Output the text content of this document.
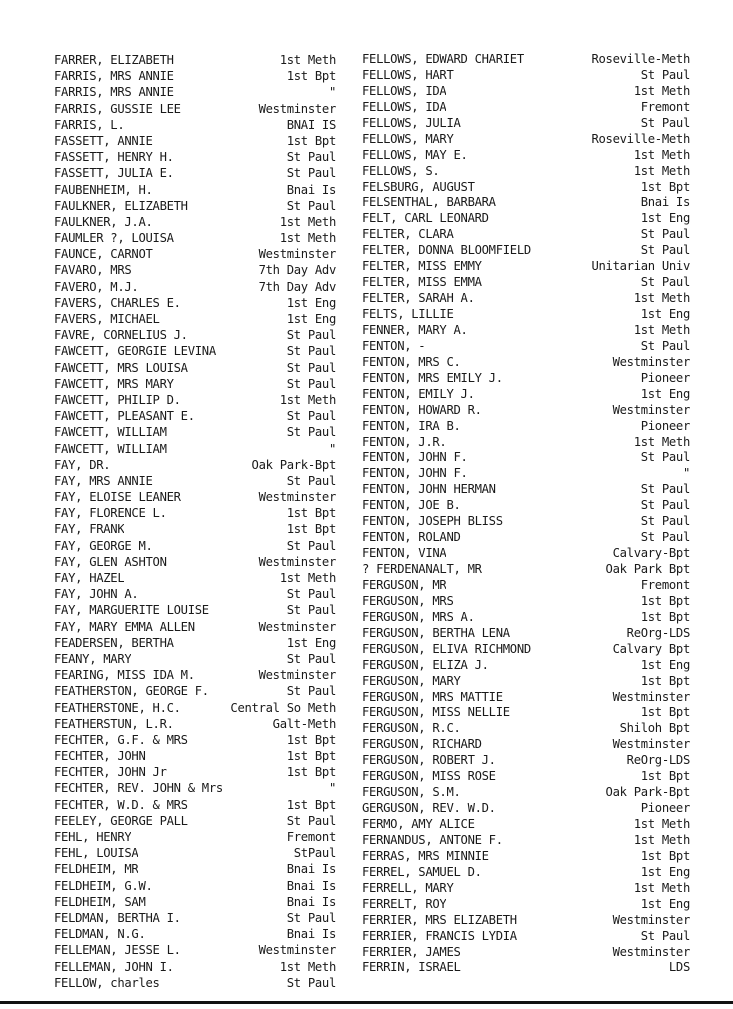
FARRER, ELIZABETH	1st Meth
FARRIS, MRS ANNIE	1st Bpt
FARRIS, MRS ANNIE	"
FARRIS, GUSSIE LEE	Westminster
FARRIS, L.	BNAI IS
FASSETT, ANNIE	1st Bpt
FASSETT, HENRY H.	St Paul
FASSETT, JULIA E.	St Paul
FAUBENHEIM, H.	Bnai Is
FAULKNER, ELIZABETH	St Paul
FAULKNER, J.A.	1st Meth
FAUMLER ?, LOUISA	1st Meth
FAUNCE, CARNOT	Westminster
FAVARO, MRS	7th Day Adv
FAVERO, M.J.	7th Day Adv
FAVERS, CHARLES E.	1st Eng
FAVERS, MICHAEL	1st Eng
FAVRE, CORNELIUS J.	St Paul
FAWCETT, GEORGIE LEVINA	St Paul
FAWCETT, MRS LOUISA	St Paul
FAWCETT, MRS MARY	St Paul
FAWCETT, PHILIP D.	1st Meth
FAWCETT, PLEASANT E.	St Paul
FAWCETT, WILLIAM	St Paul
FAWCETT, WILLIAM	"
FAY, DR.	Oak Park-Bpt
FAY, MRS ANNIE	St Paul
FAY, ELOISE LEANER	Westminster
FAY, FLORENCE L.	1st Bpt
FAY, FRANK	1st Bpt
FAY, GEORGE M.	St Paul
FAY, GLEN ASHTON	Westminster
FAY, HAZEL	1st Meth
FAY, JOHN A.	St Paul
FAY, MARGUERITE LOUISE	St Paul
FAY, MARY EMMA ALLEN	Westminster
FEADERSEN, BERTHA	1st Eng
FEANY, MARY	St Paul
FEARING, MISS IDA M.	Westminster
FEATHERSTON, GEORGE F.	St Paul
FEATHERSTONE, H.C.	Central So Meth
FEATHERSTUN, L.R.	Galt-Meth
FECHTER, G.F. & MRS	1st Bpt
FECHTER, JOHN	1st Bpt
FECHTER, JOHN Jr	1st Bpt
FECHTER, REV. JOHN & Mrs	"
FECHTER, W.D. & MRS	1st Bpt
FEELEY, GEORGE PALL	St Paul
FEHL, HENRY	Fremont
FEHL, LOUISA	StPaul
FELDHEIM, MR	Bnai Is
FELDHEIM, G.W.	Bnai Is
FELDHEIM, SAM	Bnai Is
FELDMAN, BERTHA I.	St Paul
FELDMAN, N.G.	Bnai Is
FELLEMAN, JESSE L.	Westminster
FELLEMAN, JOHN I.	1st Meth
FELLOW, charles	St Paul
FELLOWS, EDWARD CHARIET	Roseville-Meth
FELLOWS, HART	St Paul
FELLOWS, IDA	1st Meth
FELLOWS, IDA	Fremont
FELLOWS, JULIA	St Paul
FELLOWS, MARY	Roseville-Meth
FELLOWS, MAY E.	1st Meth
FELLOWS, S.	1st Meth
FELSBURG, AUGUST	1st Bpt
FELSENTHAL, BARBARA	Bnai Is
FELT, CARL LEONARD	1st Eng
FELTER, CLARA	St Paul
FELTER, DONNA BLOOMFIELD	St Paul
FELTER, MISS EMMY	Unitarian Univ
FELTER, MISS EMMA	St Paul
FELTER, SARAH A.	1st Meth
FELTS, LILLIE	1st Eng
FENNER, MARY A.	1st Meth
FENTON, -	St Paul
FENTON, MRS C.	Westminster
FENTON, MRS EMILY J.	Pioneer
FENTON, EMILY J.	1st Eng
FENTON, HOWARD R.	Westminster
FENTON, IRA B.	Pioneer
FENTON, J.R.	1st Meth
FENTON, JOHN F.	St Paul
FENTON, JOHN F.	"
FENTON, JOHN HERMAN	St Paul
FENTON, JOE B.	St Paul
FENTON, JOSEPH BLISS	St Paul
FENTON, ROLAND	St Paul
FENTON, VINA	Calvary-Bpt
? FERDENANALT, MR	Oak Park Bpt
FERGUSON, MR	Fremont
FERGUSON, MRS	1st Bpt
FERGUSON, MRS A.	1st Bpt
FERGUSON, BERTHA LENA	ReOrg-LDS
FERGUSON, ELIVA RICHMOND	Calvary Bpt
FERGUSON, ELIZA J.	1st Eng
FERGUSON, MARY	1st Bpt
FERGUSON, MRS MATTIE	Westminster
FERGUSON, MISS NELLIE	1st Bpt
FERGUSON, R.C.	Shiloh Bpt
FERGUSON, RICHARD	Westminster
FERGUSON, ROBERT J.	ReOrg-LDS
FERGUSON, MISS ROSE	1st Bpt
FERGUSON, S.M.	Oak Park-Bpt
GERGUSON, REV. W.D.	Pioneer
FERMO, AMY ALICE	1st Meth
FERNANDUS, ANTONE F.	1st Meth
FERRAS, MRS MINNIE	1st Bpt
FERREL, SAMUEL D.	1st Eng
FERRELL, MARY	1st Meth
FERRELT, ROY	1st Eng
FERRIER, MRS ELIZABETH	Westminster
FERRIER, FRANCIS LYDIA	St Paul
FERRIER, JAMES	Westminster
FERRIN, ISRAEL	LDS
